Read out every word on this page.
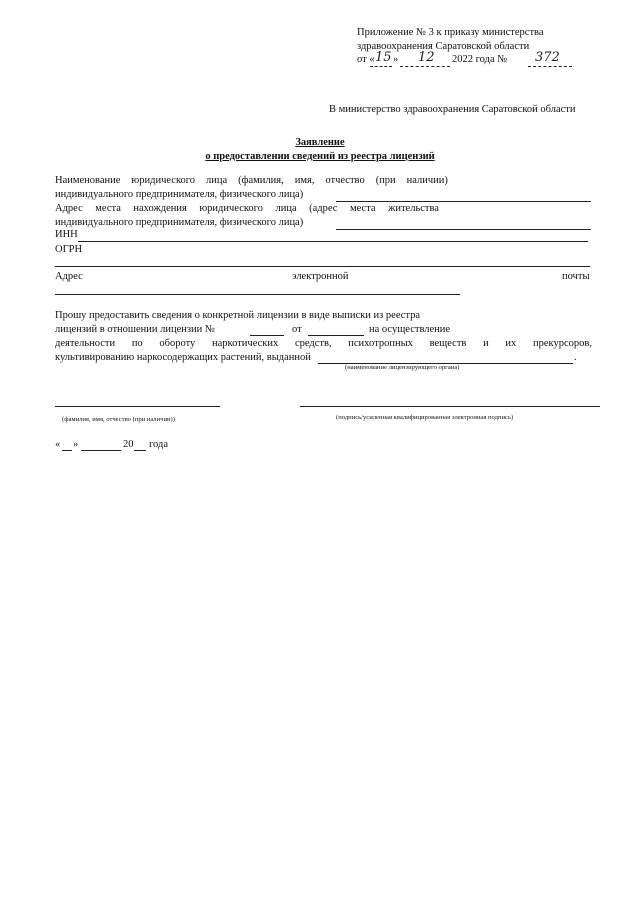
Приложение № 3 к приказу министерства
здравоохранения Саратовской области
от « 15 » 12 2022 года № 372
В министерство здравоохранения Саратовской области
Заявление
о предоставлении сведений из реестра лицензий
Наименование юридического лица (фамилия, имя, отчество (при наличии)
индивидуального предпринимателя, физического лица)
Адрес места нахождения юридического лица (адрес места жительства
индивидуального предпринимателя, физического лица)
ИНН
ОГРН
Адрес	электронной	почты
Прошу предоставить сведения о конкретной лицензии в виде выписки из реестра
лицензий в отношении лицензии №	от	на осуществление
деятельности по обороту наркотических средств, психотропных веществ и их прекурсоров,
культивированию наркосодержащих растений, выданной	.
(наименование лицензирующего органа)
(фамилия, имя, отчество (при наличии))	(подпись/усиленная квалифицированная электронная подпись)
« »	20 года
